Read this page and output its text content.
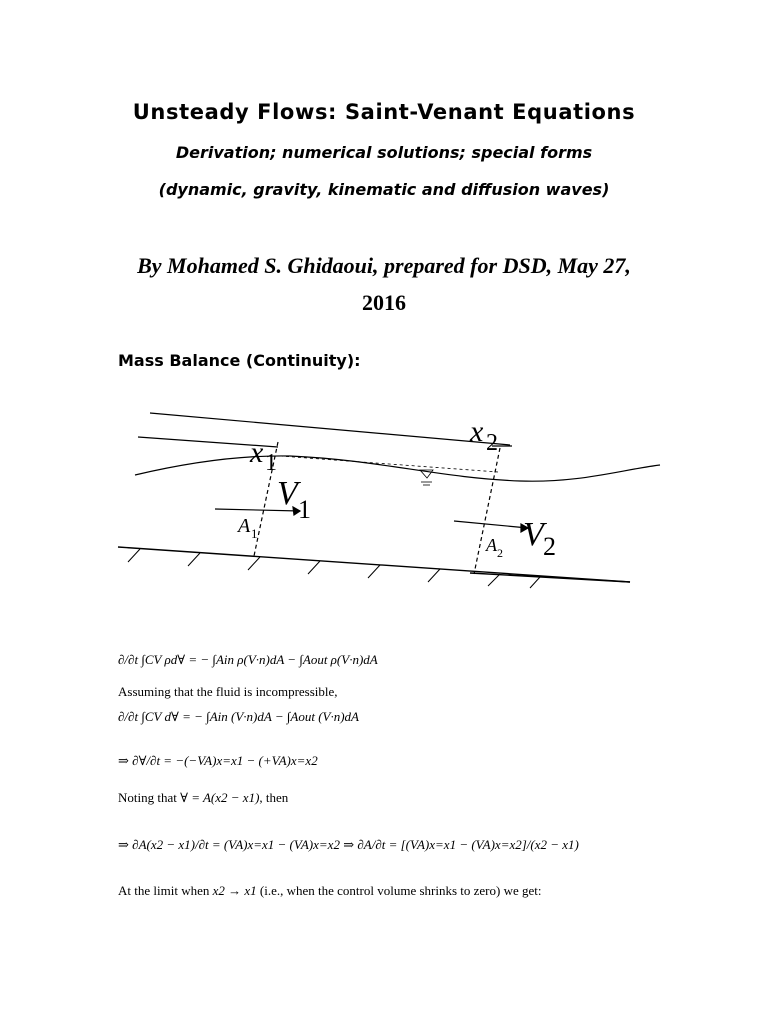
Unsteady Flows: Saint-Venant Equations
Derivation; numerical solutions; special forms
(dynamic, gravity, kinematic and diffusion waves)
By Mohamed S. Ghidaoui, prepared for DSD, May 27,
2016
Mass Balance (Continuity):
x 1
x 2
V 1
V 2
A 1
A 2
∂/∂t ∫CV ρd∀ = − ∫Ain ρ(V·n)dA − ∫Aout ρ(V·n)dA
Assuming that the fluid is incompressible,
∂/∂t ∫CV d∀ = − ∫Ain (V·n)dA − ∫Aout (V·n)dA
⇒ ∂∀/∂t = −(−VA)x=x1 − (+VA)x=x2
Noting that ∀ = A(x2 − x1), then
⇒ ∂A(x2 − x1)/∂t = (VA)x=x1 − (VA)x=x2 ⇒ ∂A/∂t = [(VA)x=x1 − (VA)x=x2]/(x2 − x1)
At the limit when x2 → x1 (i.e., when the control volume shrinks to zero) we get:
